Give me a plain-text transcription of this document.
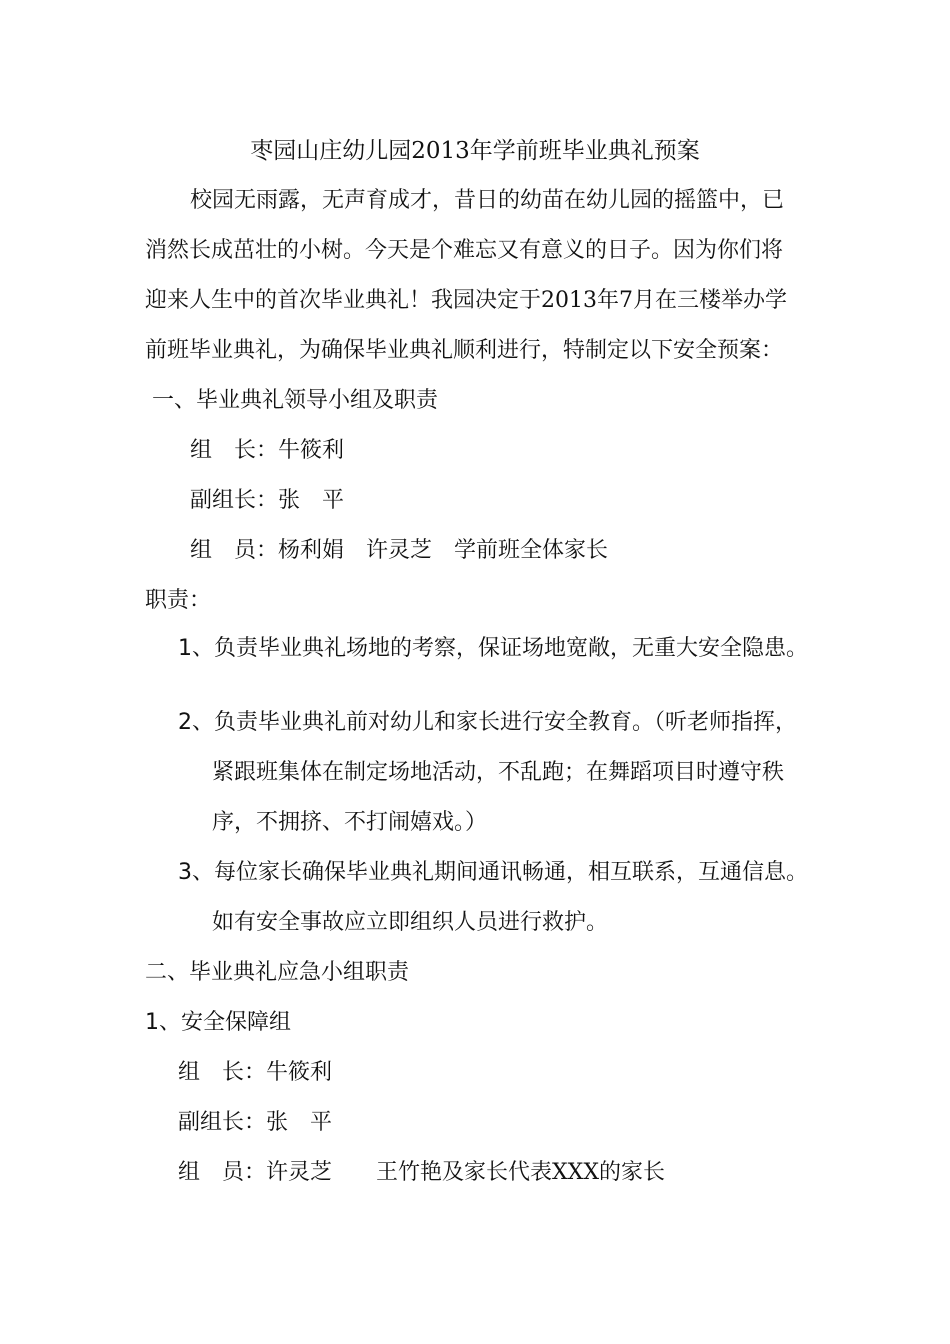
枣园山庄幼儿园2013年学前班毕业典礼预案
校园无雨露，无声育成才，昔日的幼苗在幼儿园的摇篮中，已
消然长成茁壮的小树。今天是个难忘又有意义的日子。因为你们将
迎来人生中的首次毕业典礼！我园决定于2013年7月在三楼举办学
前班毕业典礼，为确保毕业典礼顺利进行，特制定以下安全预案：
一、毕业典礼领导小组及职责
组　长：牛筱利
副组长：张　平
组　员：杨利娟　许灵芝　学前班全体家长
职责：
1、负责毕业典礼场地的考察，保证场地宽敞，无重大安全隐患。
2、负责毕业典礼前对幼儿和家长进行安全教育。（听老师指挥，
紧跟班集体在制定场地活动，不乱跑；在舞蹈项目时遵守秩
序，不拥挤、不打闹嬉戏。）
3、每位家长确保毕业典礼期间通讯畅通，相互联系，互通信息。
如有安全事故应立即组织人员进行救护。
二、毕业典礼应急小组职责
1、安全保障组
组　长：牛筱利
副组长：张　平
组　员：许灵芝　　王竹艳及家长代表XXX的家长
